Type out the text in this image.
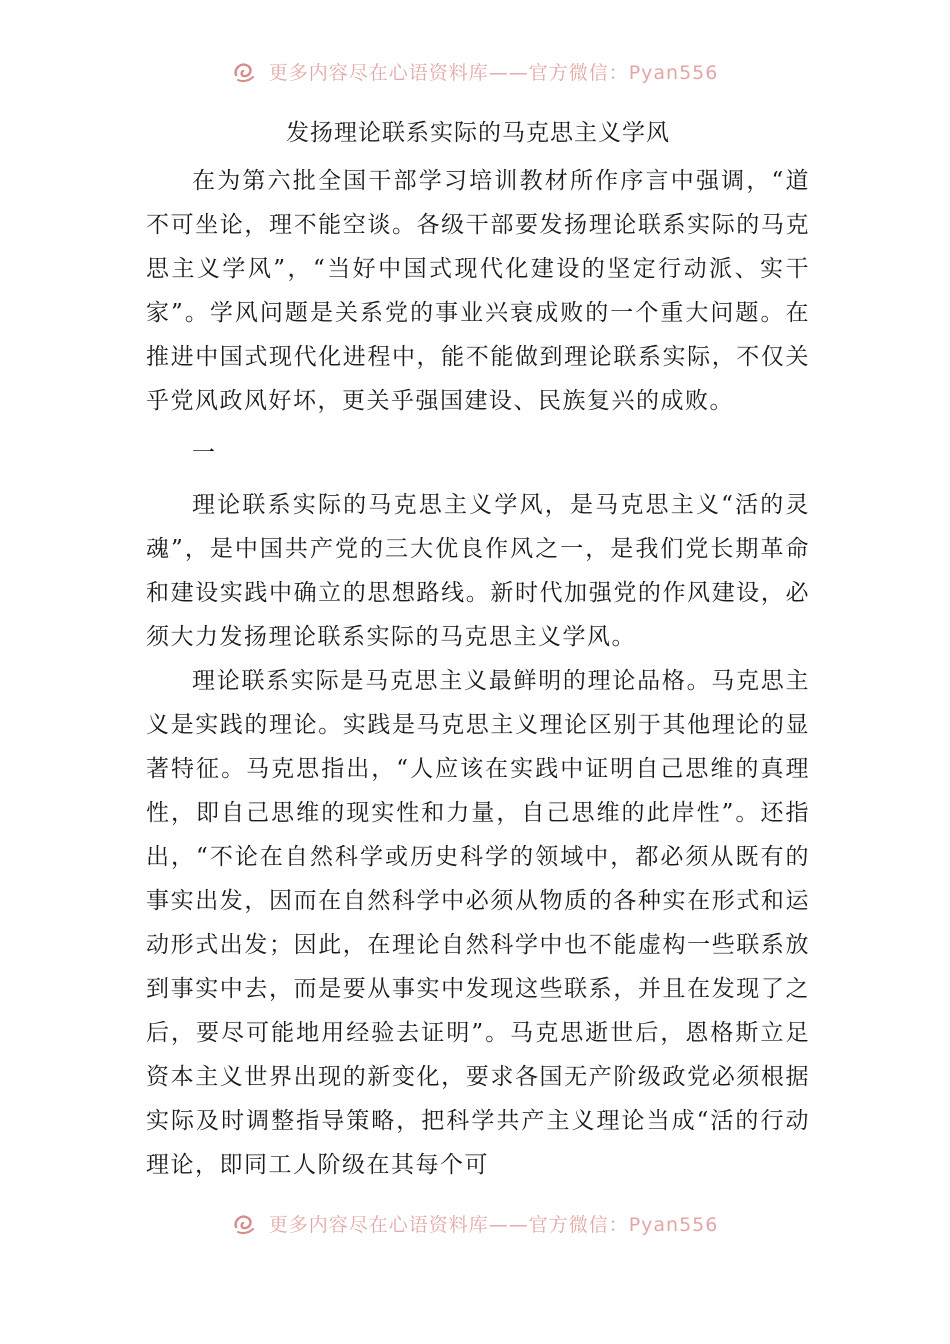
更多内容尽在心语资料库——官方微信：Pyan556
发扬理论联系实际的马克思主义学风

在为第六批全国干部学习培训教材所作序言中强调，“道不可坐论，理不能空谈。各级干部要发扬理论联系实际的马克思主义学风”，“当好中国式现代化建设的坚定行动派、实干家”。学风问题是关系党的事业兴衰成败的一个重大问题。在推进中国式现代化进程中，能不能做到理论联系实际，不仅关乎党风政风好坏，更关乎强国建设、民族复兴的成败。

一

理论联系实际的马克思主义学风，是马克思主义“活的灵魂”，是中国共产党的三大优良作风之一，是我们党长期革命和建设实践中确立的思想路线。新时代加强党的作风建设，必须大力发扬理论联系实际的马克思主义学风。

理论联系实际是马克思主义最鲜明的理论品格。马克思主义是实践的理论。实践是马克思主义理论区别于其他理论的显著特征。马克思指出，“人应该在实践中证明自己思维的真理性，即自己思维的现实性和力量，自己思维的此岸性”。还指出，“不论在自然科学或历史科学的领域中，都必须从既有的事实出发，因而在自然科学中必须从物质的各种实在形式和运动形式出发；因此，在理论自然科学中也不能虚构一些联系放到事实中去，而是要从事实中发现这些联系，并且在发现了之后，要尽可能地用经验去证明”。马克思逝世后，恩格斯立足资本主义世界出现的新变化，要求各国无产阶级政党必须根据实际及时调整指导策略，把科学共产主义理论当成“活的行动理论，即同工人阶级在其每个可

更多内容尽在心语资料库——官方微信：Pyan556
